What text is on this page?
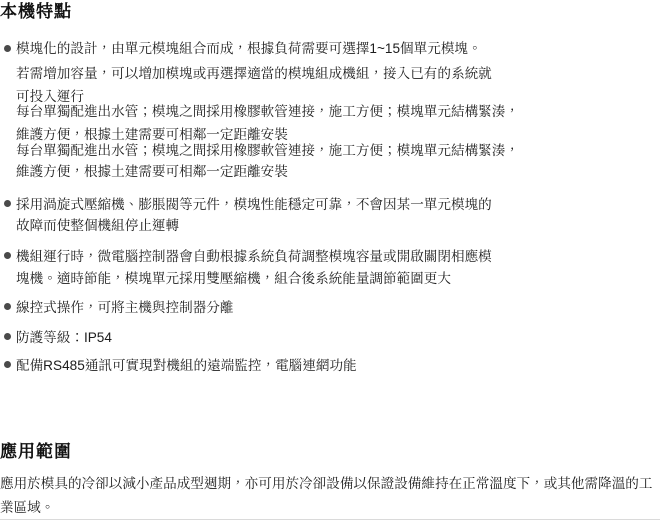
本機特點
模塊化的設計，由單元模塊組合而成，根據負荷需要可選擇1~15個單元模塊。
若需增加容量，可以增加模塊或再選擇適當的模塊組成機組，接入已有的系統就
可投入運行
每台單獨配進出水管；模塊之間採用橡膠軟管連接，施工方便；模塊單元結構緊湊，
維護方便，根據土建需要可相鄰一定距離安裝
每台單獨配進出水管；模塊之間採用橡膠軟管連接，施工方便；模塊單元結構緊湊，
維護方便，根據土建需要可相鄰一定距離安裝
採用渦旋式壓縮機、膨脹閥等元件，模塊性能穩定可靠，不會因某一單元模塊的
故障而使整個機組停止運轉
機組運行時，微電腦控制器會自動根據系統負荷調整模塊容量或開啟關閉相應模
塊機。適時節能，模塊單元採用雙壓縮機，組合後系統能量調節範圍更大
線控式操作，可將主機與控制器分離
防護等級：IP54
配備RS485通訊可實現對機組的遠端監控，電腦連網功能
應用範圍
應用於模具的冷卻以減小產品成型週期，亦可用於冷卻設備以保證設備維持在正常溫度下，或其他需降溫的工
業區域。
